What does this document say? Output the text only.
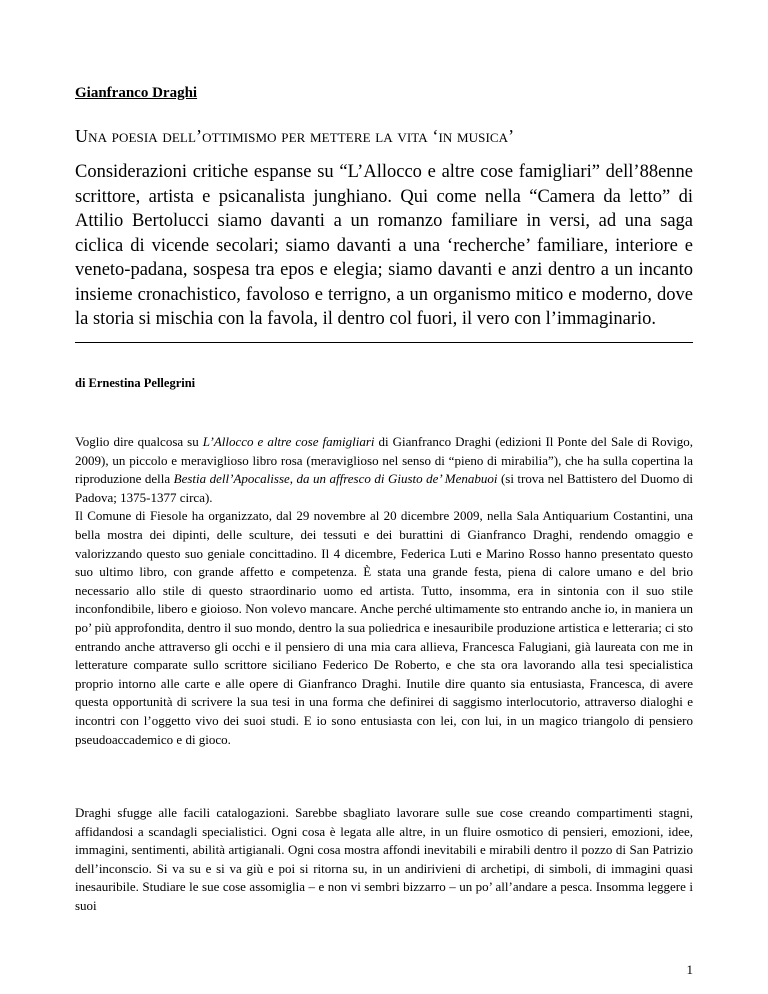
Gianfranco Draghi
Una poesia dell’ottimismo per mettere la vita ‘in musica’
Considerazioni critiche espanse su “L’Allocco e altre cose famigliari” dell’88enne scrittore, artista e psicanalista junghiano. Qui come nella “Camera da letto” di Attilio Bertolucci siamo davanti a un romanzo familiare in versi, ad una saga ciclica di vicende secolari; siamo davanti a una ‘recherche’ familiare, interiore e veneto-padana, sospesa tra epos e elegia; siamo davanti e anzi dentro a un incanto insieme cronachistico, favoloso e terrigno, a un organismo mitico e moderno, dove la storia si mischia con la favola, il dentro col fuori, il vero con l’immaginario.
di Ernestina Pellegrini
Voglio dire qualcosa su L’Allocco e altre cose famigliari di Gianfranco Draghi (edizioni Il Ponte del Sale di Rovigo, 2009), un piccolo e meraviglioso libro rosa (meraviglioso nel senso di “pieno di mirabilia”), che ha sulla copertina la riproduzione della Bestia dell’Apocalisse, da un affresco di Giusto de’ Menabuoi (si trova nel Battistero del Duomo di Padova; 1375-1377 circa).
Il Comune di Fiesole ha organizzato, dal 29 novembre al 20 dicembre 2009, nella Sala Antiquarium Costantini, una bella mostra dei dipinti, delle sculture, dei tessuti e dei burattini di Gianfranco Draghi, rendendo omaggio e valorizzando questo suo geniale concittadino. Il 4 dicembre, Federica Luti e Marino Rosso hanno presentato questo suo ultimo libro, con grande affetto e competenza. È stata una grande festa, piena di calore umano e del brio necessario allo stile di questo straordinario uomo ed artista. Tutto, insomma, era in sintonia con il suo stile inconfondibile, libero e gioioso. Non volevo mancare. Anche perché ultimamente sto entrando anche io, in maniera un po’ più approfondita, dentro il suo mondo, dentro la sua poliedrica e inesauribile produzione artistica e letteraria; ci sto entrando anche attraverso gli occhi e il pensiero di una mia cara allieva, Francesca Falugiani, già laureata con me in letterature comparate sullo scrittore siciliano Federico De Roberto, e che sta ora lavorando alla tesi specialistica proprio intorno alle carte e alle opere di Gianfranco Draghi. Inutile dire quanto sia entusiasta, Francesca, di avere questa opportunità di scrivere la sua tesi in una forma che definirei di saggismo interlocutorio, attraverso dialoghi e incontri con l’oggetto vivo dei suoi studi. E io sono entusiasta con lei, con lui, in un magico triangolo di pensiero pseudoaccademico e di gioco.
Draghi sfugge alle facili catalogazioni. Sarebbe sbagliato lavorare sulle sue cose creando compartimenti stagni, affidandosi a scandagli specialistici. Ogni cosa è legata alle altre, in un fluire osmotico di pensieri, emozioni, idee, immagini, sentimenti, abilità artigianali. Ogni cosa mostra affondi inevitabili e mirabili dentro il pozzo di San Patrizio dell’inconscio. Si va su e si va giù e poi si ritorna su, in un andirivieni di archetipi, di simboli, di immagini quasi inesauribile. Studiare le sue cose assomiglia – e non vi sembri bizzarro – un po’ all’andare a pesca. Insomma leggere i suoi
1
